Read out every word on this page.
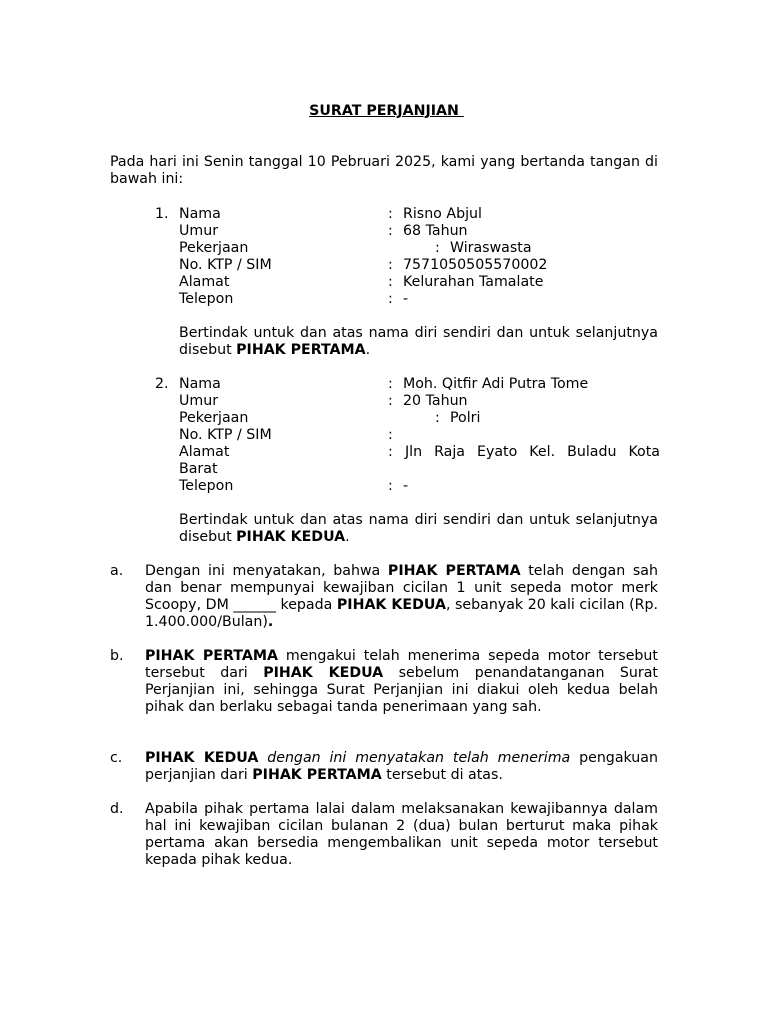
SURAT PERJANJIAN
Pada hari ini Senin tanggal 10 Pebruari 2025, kami yang bertanda tangan di bawah ini:
1. Nama	: Risno Abjul
Umur	: 68 Tahun
Pekerjaan	: Wiraswasta
No. KTP / SIM	: 7571050505570002
Alamat	: Kelurahan Tamalate
Telepon	: -
Bertindak untuk dan atas nama diri sendiri dan untuk selanjutnya disebut PIHAK PERTAMA.
2. Nama	: Moh. Qitfir Adi Putra Tome
Umur	: 20 Tahun
Pekerjaan	: Polri
No. KTP / SIM	:
Alamat	: Jln Raja Eyato Kel. Buladu Kota
Barat
Telepon	: -
Bertindak untuk dan atas nama diri sendiri dan untuk selanjutnya disebut PIHAK KEDUA.
a. Dengan ini menyatakan, bahwa PIHAK PERTAMA telah dengan sah dan benar mempunyai kewajiban cicilan 1 unit sepeda motor merk Scoopy, DM ______ kepada PIHAK KEDUA, sebanyak 20 kali cicilan (Rp. 1.400.000/Bulan).
b. PIHAK PERTAMA mengakui telah menerima sepeda motor tersebut tersebut dari PIHAK KEDUA sebelum penandatanganan Surat Perjanjian ini, sehingga Surat Perjanjian ini diakui oleh kedua belah pihak dan berlaku sebagai tanda penerimaan yang sah.
c. PIHAK KEDUA dengan ini menyatakan telah menerima pengakuan perjanjian dari PIHAK PERTAMA tersebut di atas.
d. Apabila pihak pertama lalai dalam melaksanakan kewajibannya dalam hal ini kewajiban cicilan bulanan 2 (dua) bulan berturut maka pihak pertama akan bersedia mengembalikan unit sepeda motor tersebut kepada pihak kedua.
